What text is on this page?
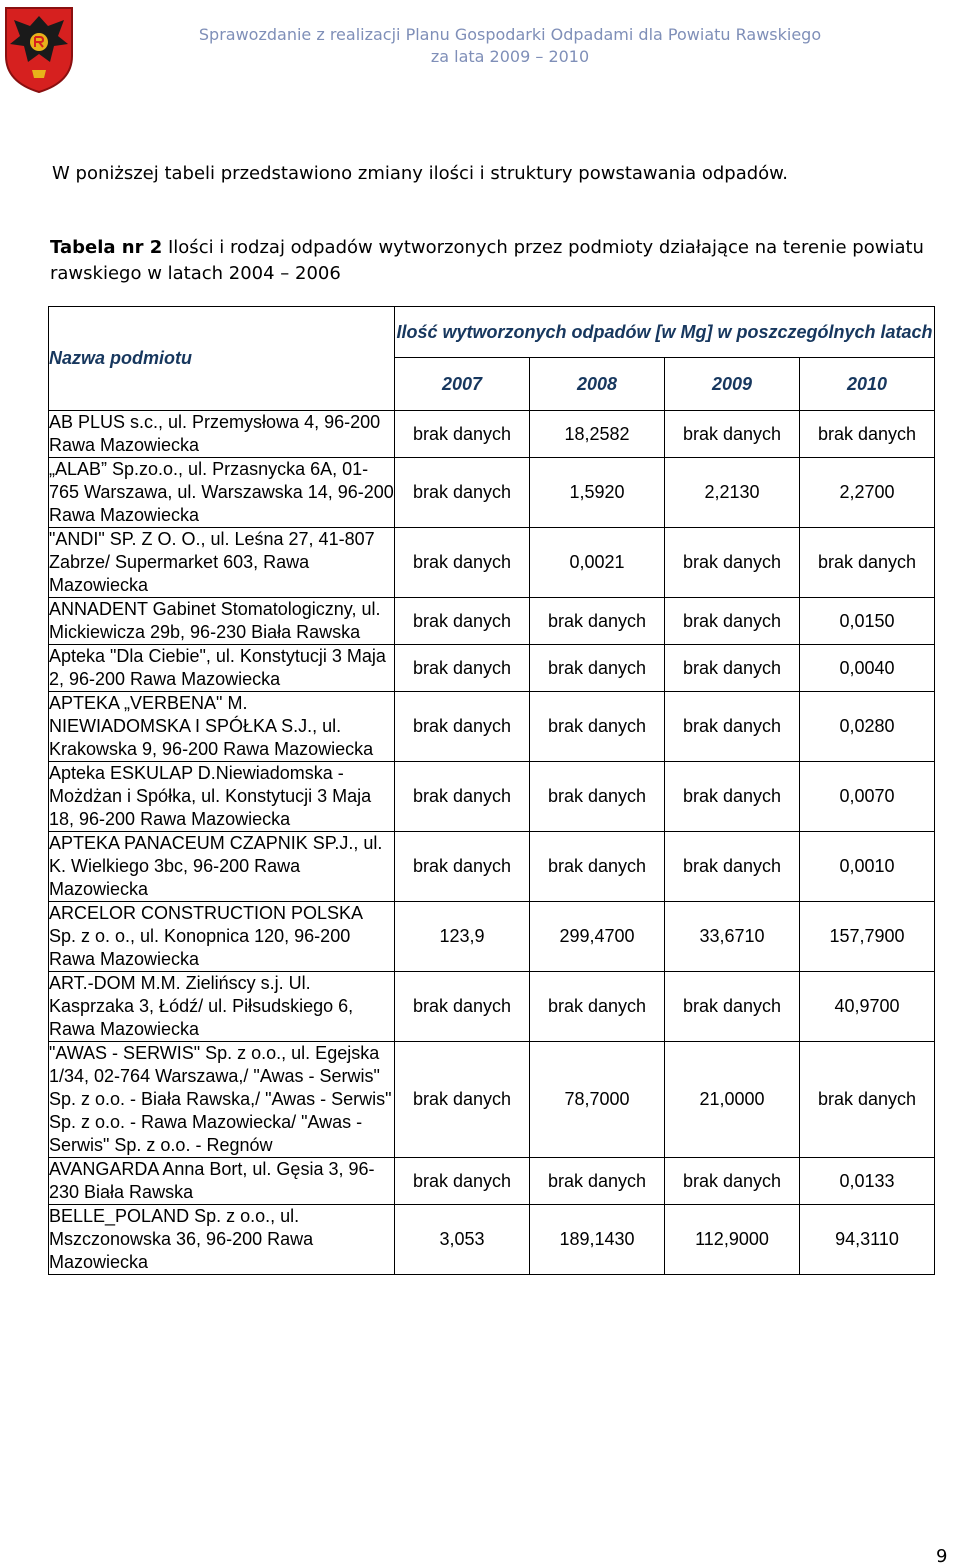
Sprawozdanie z realizacji Planu Gospodarki Odpadami dla Powiatu Rawskiego
za lata 2009 – 2010
W poniższej tabeli przedstawiono zmiany ilości i struktury powstawania odpadów.
Tabela nr 2 Ilości i rodzaj odpadów wytworzonych przez podmioty działające na terenie powiatu rawskiego w latach 2004 – 2006
Nazwa podmiotu	Ilość wytworzonych odpadów [w Mg] w poszczególnych latach			
	2007	2008	2009	2010
AB PLUS s.c., ul. Przemysłowa 4, 96-200 Rawa Mazowiecka	brak danych	18,2582	brak danych	brak danych
„ALAB” Sp.zo.o., ul. Przasnycka 6A, 01-765 Warszawa, ul. Warszawska 14, 96-200 Rawa Mazowiecka	brak danych	1,5920	2,2130	2,2700
"ANDI" SP. Z O. O., ul. Leśna 27, 41-807 Zabrze/ Supermarket 603, Rawa Mazowiecka	brak danych	0,0021	brak danych	brak danych
ANNADENT Gabinet Stomatologiczny, ul. Mickiewicza 29b, 96-230 Biała Rawska	brak danych	brak danych	brak danych	0,0150
Apteka "Dla Ciebie", ul. Konstytucji 3 Maja 2, 96-200 Rawa Mazowiecka	brak danych	brak danych	brak danych	0,0040
APTEKA „VERBENA" M. NIEWIADOMSKA I SPÓŁKA S.J., ul. Krakowska 9, 96-200 Rawa Mazowiecka	brak danych	brak danych	brak danych	0,0280
Apteka ESKULAP D.Niewiadomska - Możdżan i Spółka, ul. Konstytucji 3 Maja 18, 96-200 Rawa Mazowiecka	brak danych	brak danych	brak danych	0,0070
APTEKA PANACEUM CZAPNIK SP.J., ul. K. Wielkiego 3bc, 96-200 Rawa Mazowiecka	brak danych	brak danych	brak danych	0,0010
ARCELOR CONSTRUCTION POLSKA Sp. z o. o., ul. Konopnica 120, 96-200 Rawa Mazowiecka	123,9	299,4700	33,6710	157,7900
ART.-DOM M.M. Zielińscy s.j. Ul. Kasprzaka 3, Łódź/ ul. Piłsudskiego 6, Rawa Mazowiecka	brak danych	brak danych	brak danych	40,9700
"AWAS - SERWIS" Sp. z o.o., ul. Egejska 1/34, 02-764 Warszawa,/ "Awas - Serwis" Sp. z o.o. - Biała Rawska,/ "Awas - Serwis" Sp. z o.o. - Rawa Mazowiecka/ "Awas - Serwis" Sp. z o.o. - Regnów	brak danych	78,7000	21,0000	brak danych
AVANGARDA Anna Bort, ul. Gęsia 3, 96-230 Biała Rawska	brak danych	brak danych	brak danych	0,0133
BELLE_POLAND Sp. z o.o., ul. Mszczonowska 36, 96-200 Rawa Mazowiecka	3,053	189,1430	112,9000	94,3110
9
